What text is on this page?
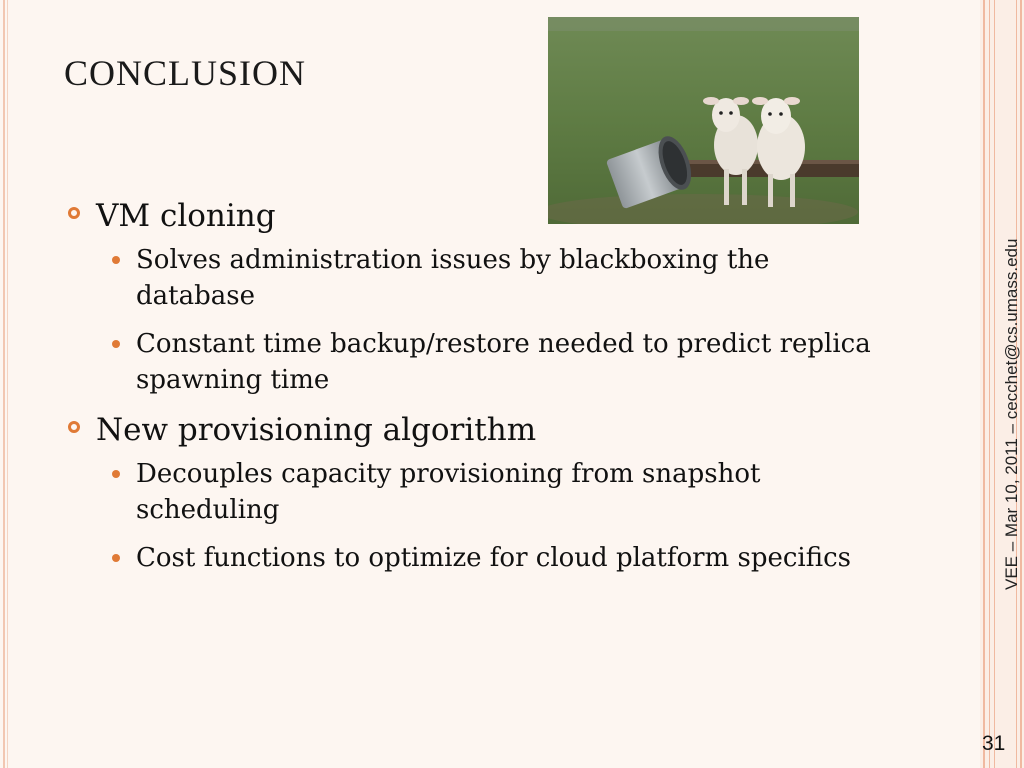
CONCLUSION
VM cloning
Solves administration issues by blackboxing the database
Constant time backup/restore needed to predict replica spawning time
New provisioning algorithm
Decouples capacity provisioning from snapshot scheduling
Cost functions to optimize for cloud platform specifics	VEE – Mar 10, 2011 – cecchet@cs.umass.edu
31
